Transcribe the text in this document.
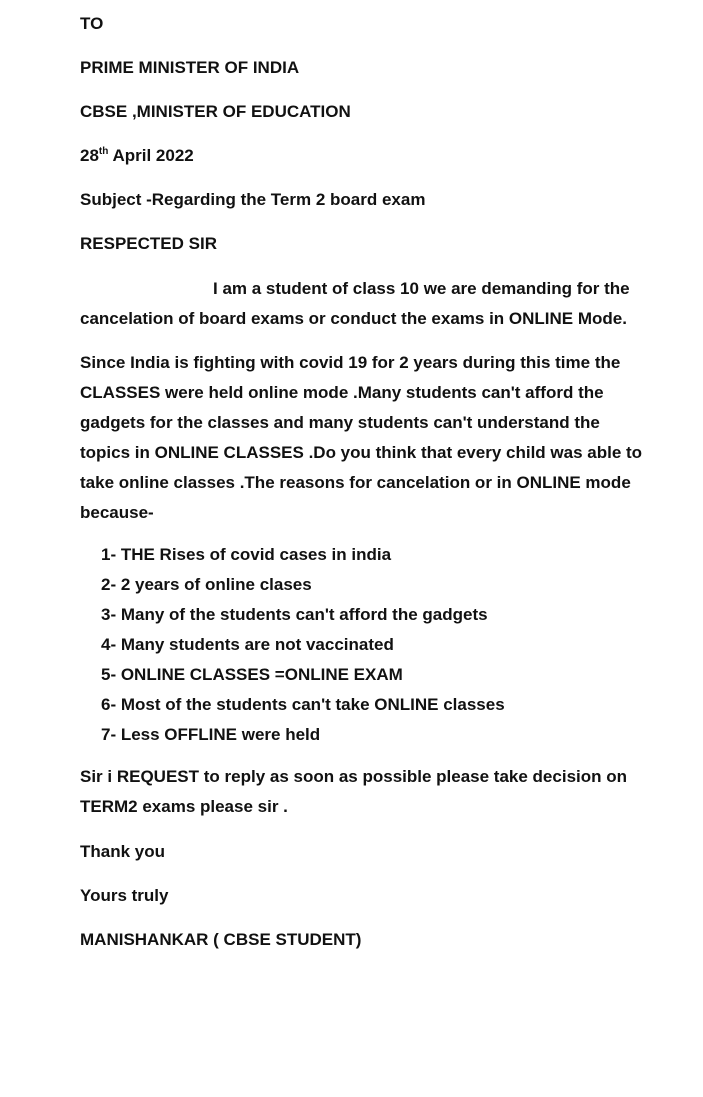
TO
PRIME MINISTER OF INDIA
CBSE ,MINISTER OF EDUCATION
28th April 2022
Subject -Regarding the Term 2 board exam
RESPECTED SIR
I am a student of class 10 we are demanding for the
cancelation of board exams or conduct the exams in ONLINE Mode.
Since India is fighting with covid 19 for 2 years during this time the
CLASSES were held online mode .Many students can't afford the
gadgets for the classes and many students can't understand the
topics in ONLINE CLASSES .Do you think that every child was able to
take online classes .The reasons for cancelation or in ONLINE mode
because-
1- THE Rises of covid cases in india
2- 2 years of online clases
3- Many of the students can't afford the gadgets
4- Many students are not vaccinated
5- ONLINE CLASSES =ONLINE EXAM
6- Most of the students can't take ONLINE classes
7- Less OFFLINE were held
Sir i REQUEST to reply as soon as possible please take decision on
TERM2 exams please sir .
Thank you
Yours truly
MANISHANKAR ( CBSE STUDENT)
